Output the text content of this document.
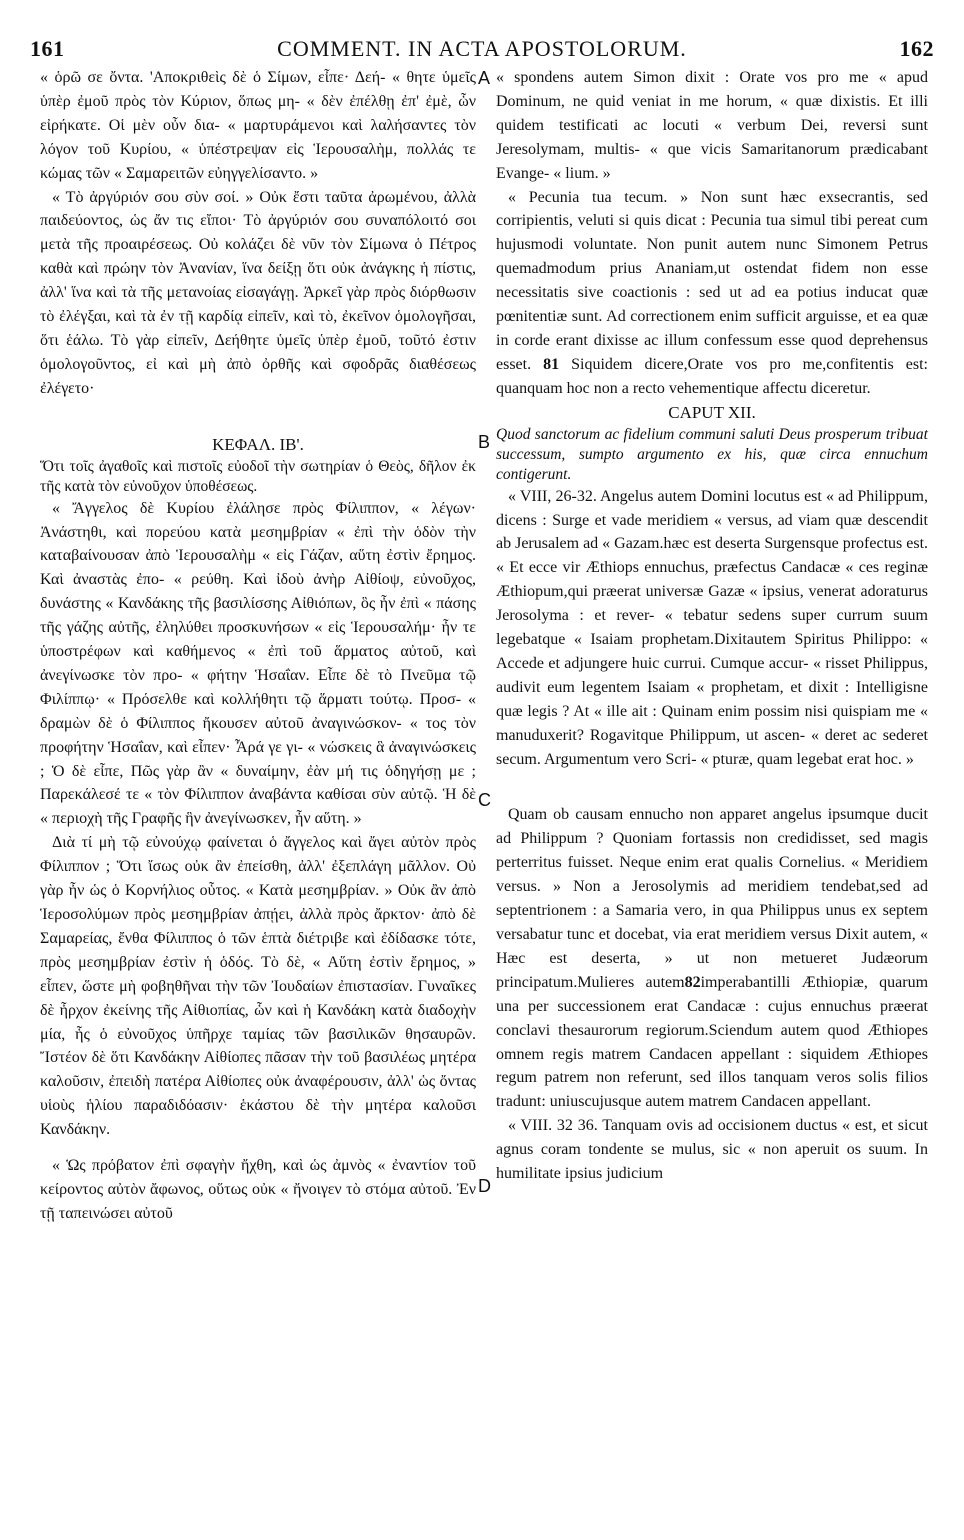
161	COMMENT. IN ACTA APOSTOLORUM.	162
A
B
C
D

« ὁρῶ σε ὄντα. 'Αποκριθεὶς δὲ ὁ Σίμων, εἶπε· Δεή- « θητε ὑμεῖς ὑπὲρ ἐμοῦ πρὸς τὸν Κύριον, ὅπως μη- « δὲν ἐπέλθῃ ἐπ' ἐμὲ, ὧν εἰρήκατε. Οἱ μὲν οὖν δια- « μαρτυράμενοι καὶ λαλήσαντες τὸν λόγον τοῦ Κυρίου, « ὑπέστρεψαν εἰς Ἱερουσαλὴμ, πολλάς τε κώμας τῶν « Σαμαρειτῶν εὐηγγελίσαντο. »

« Τὸ ἀργύριόν σου σὺν σοί. » Οὐκ ἔστι ταῦτα ἀρωμένου, ἀλλὰ παιδεύοντος, ὡς ἄν τις εἴποι· Τὸ ἀργύριόν σου συναπόλοιτό σοι μετὰ τῆς προαιρέσεως. Οὐ κολάζει δὲ νῦν τὸν Σίμωνα ὁ Πέτρος καθὰ καὶ πρώην τὸν Ἀνανίαν, ἵνα δείξῃ ὅτι οὐκ ἀνάγκης ἡ πίστις, ἀλλ' ἵνα καὶ τὰ τῆς μετανοίας εἰσαγάγῃ. Ἀρκεῖ γὰρ πρὸς διόρθωσιν τὸ ἐλέγξαι, καὶ τὰ ἐν τῇ καρδίᾳ εἰπεῖν, καὶ τὸ, ἐκεῖνον ὁμολογῆσαι, ὅτι ἑάλω. Τὸ γὰρ εἰπεῖν, Δεήθητε ὑμεῖς ὑπὲρ ἐμοῦ, τοῦτό ἐστιν ὁμολογοῦντος, εἰ καὶ μὴ ἀπὸ ὀρθῆς καὶ σφοδρᾶς διαθέσεως ἐλέγετο·

ΚΕΦΑΛ. ΙΒ'.

Ὅτι τοῖς ἀγαθοῖς καὶ πιστοῖς εὐοδοῖ τὴν σωτηρίαν ὁ Θεὸς, δῆλον ἐκ τῆς κατὰ τὸν εὐνοῦχον ὑποθέσεως.

« Ἄγγελος δὲ Κυρίου ἐλάλησε πρὸς Φίλιππον, « λέγων· Ἀνάστηθι, καὶ πορεύου κατὰ μεσημβρίαν « ἐπὶ τὴν ὁδὸν τὴν καταβαίνουσαν ἀπὸ Ἱερουσαλὴμ « εἰς Γάζαν, αὕτη ἐστὶν ἔρημος. Καὶ ἀναστὰς ἐπο- « ρεύθη. Καὶ ἰδοὺ ἀνὴρ Αἰθίοψ, εὐνοῦχος, δυνάστης « Κανδάκης τῆς βασιλίσσης Αἰθιόπων, ὃς ἦν ἐπὶ « πάσης τῆς γάζης αὐτῆς, ἐληλύθει προσκυνήσων « εἰς Ἱερουσαλήμ· ἦν τε ὑποστρέφων καὶ καθήμενος « ἐπὶ τοῦ ἅρματος αὐτοῦ, καὶ ἀνεγίνωσκε τὸν προ- « φήτην Ἡσαΐαν. Εἶπε δὲ τὸ Πνεῦμα τῷ Φιλίππῳ· « Πρόσελθε καὶ κολλήθητι τῷ ἅρματι τούτῳ. Προσ- « δραμὼν δὲ ὁ Φίλιππος ἤκουσεν αὐτοῦ ἀναγινώσκον- « τος τὸν προφήτην Ἡσαΐαν, καὶ εἶπεν· Ἆρά γε γι- « νώσκεις ἃ ἀναγινώσκεις ; Ὁ δὲ εἶπε, Πῶς γὰρ ἂν « δυναίμην, ἐὰν μή τις ὁδηγήσῃ με ; Παρεκάλεσέ τε « τὸν Φίλιππον ἀναβάντα καθίσαι σὺν αὐτῷ. Ἡ δὲ « περιοχὴ τῆς Γραφῆς ἣν ἀνεγίνωσκεν, ἦν αὕτη. »

Διὰ τί μὴ τῷ εὐνούχῳ φαίνεται ὁ ἄγγελος καὶ ἄγει αὐτὸν πρὸς Φίλιππον ; Ὅτι ἴσως οὐκ ἂν ἐπείσθη, ἀλλ' ἐξεπλάγη μᾶλλον. Οὐ γὰρ ἦν ὡς ὁ Κορνήλιος οὗτος. « Κατὰ μεσημβρίαν. » Οὐκ ἂν ἀπὸ Ἱεροσολύμων πρὸς μεσημβρίαν ἀπῄει, ἀλλὰ πρὸς ἄρκτον· ἀπὸ δὲ Σαμαρείας, ἔνθα Φίλιππος ὁ τῶν ἑπτὰ διέτριβε καὶ ἐδίδασκε τότε, πρὸς μεσημβρίαν ἐστὶν ἡ ὁδός. Τὸ δὲ, « Αὕτη ἐστὶν ἔρημος, » εἶπεν, ὥστε μὴ φοβηθῆναι τὴν τῶν Ἰουδαίων ἐπιστασίαν. Γυναῖκες δὲ ἦρχον ἐκείνης τῆς Αἰθιοπίας, ὧν καὶ ἡ Κανδάκη κατὰ διαδοχὴν μία, ἧς ὁ εὐνοῦχος ὑπῆρχε ταμίας τῶν βασιλικῶν θησαυρῶν. Ἴστέον δὲ ὅτι Κανδάκην Αἰθίοπες πᾶσαν τὴν τοῦ βασιλέως μητέρα καλοῦσιν, ἐπειδὴ πατέρα Αἰθίοπες οὐκ ἀναφέρουσιν, ἀλλ' ὡς ὄντας υἱοὺς ἡλίου παραδιδόασιν· ἑκάστου δὲ τὴν μητέρα καλοῦσι Κανδάκην.

« Ὡς πρόβατον ἐπὶ σφαγὴν ἤχθη, καὶ ὡς ἀμνὸς « ἐναντίον τοῦ κείροντος αὐτὸν ἄφωνος, οὕτως οὐκ « ἤνοιγεν τὸ στόμα αὐτοῦ. Ἐν τῇ ταπεινώσει αὐτοῦ

« spondens autem Simon dixit : Orate vos pro me « apud Dominum, ne quid veniat in me horum, « quæ dixistis. Et illi quidem testificati ac locuti « verbum Dei, reversi sunt Jeresolymam, multis- « que vicis Samaritanorum prædicabant Evange- « lium. »

« Pecunia tua tecum. » Non sunt hæc exsecrantis, sed corripientis, veluti si quis dicat : Pecunia tua simul tibi pereat cum hujusmodi voluntate. Non punit autem nunc Simonem Petrus quemadmodum prius Ananiam,ut ostendat fidem non esse necessitatis sive coactionis : sed ut ad ea potius inducat quæ pœnitentiæ sunt. Ad correctionem enim sufficit arguisse, et ea quæ in corde erant dixisse ac illum confessum esse quod deprehensus esset. 81 Siquidem dicere,Orate vos pro me,confitentis est: quanquam hoc non a recto vehementique affectu diceretur.

CAPUT XII.

Quod sanctorum ac fidelium communi saluti Deus prosperum tribuat successum, sumpto argumento ex his, quæ circa ennuchum contigerunt.

« VIII, 26-32. Angelus autem Domini locutus est « ad Philippum, dicens : Surge et vade meridiem « versus, ad viam quæ descendit ab Jerusalem ad « Gazam.hæc est deserta Surgensque profectus est. « Et ecce vir Æthiops ennuchus, præfectus Candacæ « ces reginæ Æthiopum,qui præerat universæ Gazæ « ipsius, venerat adoraturus Jerosolyma : et rever- « tebatur sedens super currum suum legebatque « Isaiam prophetam.Dixitautem Spiritus Philippo: « Accede et adjungere huic currui. Cumque accur- « risset Philippus, audivit eum legentem Isaiam « prophetam, et dixit : Intelligisne quæ legis ? At « ille ait : Quinam enim possim nisi quispiam me « manuduxerit? Rogavitque Philippum, ut ascen- « deret ac sederet secum. Argumentum vero Scri- « pturæ, quam legebat erat hoc. »

Quam ob causam ennucho non apparet angelus ipsumque ducit ad Philippum ? Quoniam fortassis non credidisset, sed magis perterritus fuisset. Neque enim erat qualis Cornelius. « Meridiem versus. » Non a Jerosolymis ad meridiem tendebat,sed ad septentrionem : a Samaria vero, in qua Philippus unus ex septem versabatur tunc et docebat, via erat meridiem versus Dixit autem, « Hæc est deserta, » ut non metueret Judæorum principatum.Mulieres autem82imperabantilli Æthiopiæ, quarum una per successionem erat Candacæ : cujus ennuchus præerat conclavi thesaurorum regiorum.Sciendum autem quod Æthiopes omnem regis matrem Candacen appellant : siquidem Æthiopes regum patrem non referunt, sed illos tanquam veros solis filios tradunt: uniuscujusque autem matrem Candacen appellant.

« VIII. 32 36. Tanquam ovis ad occisionem ductus « est, et sicut agnus coram tondente se mulus, sic « non aperuit os suum. In humilitate ipsius judicium
